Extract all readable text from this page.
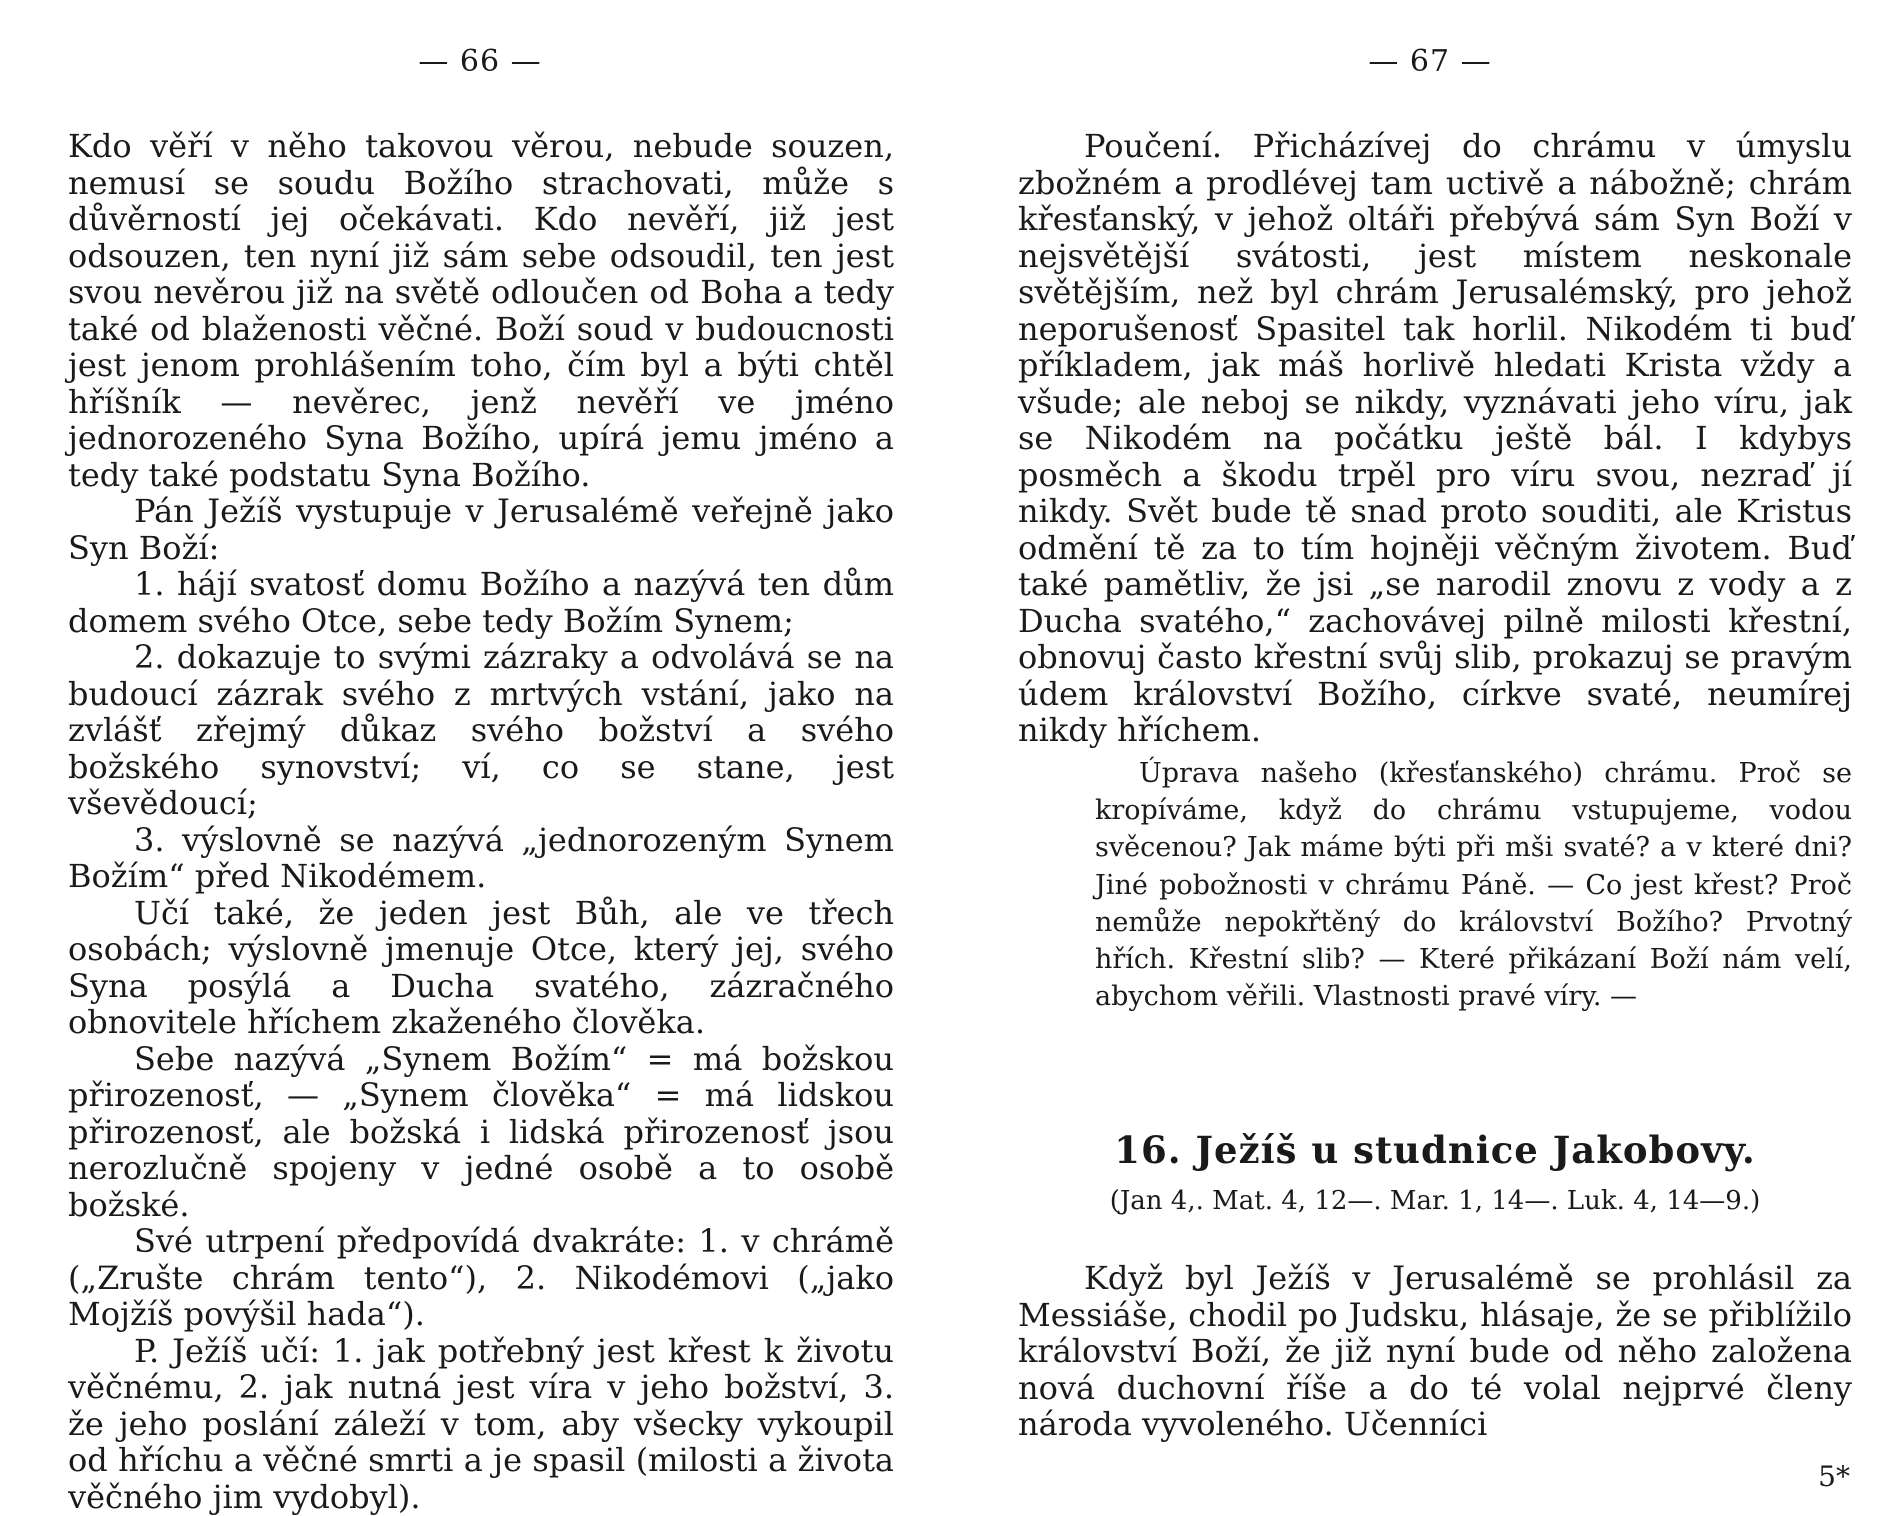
— 66 —

Kdo věří v něho takovou věrou, nebude souzen, nemusí se soudu Božího strachovati, může s důvěrností jej očekávati. Kdo nevěří, již jest odsouzen, ten nyní již sám sebe odsoudil, ten jest svou nevěrou již na světě odloučen od Boha a tedy také od blaženosti věčné. Boží soud v budoucnosti jest jenom prohlášením toho, čím byl a býti chtěl hříšník — nevěrec, jenž nevěří ve jméno jednorozeného Syna Božího, upírá jemu jméno a tedy také podstatu Syna Božího.

Pán Ježíš vystupuje v Jerusalémě veřejně jako Syn Boží:

1. hájí svatosť domu Božího a nazývá ten dům domem svého Otce, sebe tedy Božím Synem;

2. dokazuje to svými zázraky a odvolává se na budoucí zázrak svého z mrtvých vstání, jako na zvlášť zřejmý důkaz svého božství a svého božského synovství; ví, co se stane, jest vševědoucí;

3. výslovně se nazývá „jednorozeným Synem Božím“ před Nikodémem.

Učí také, že jeden jest Bůh, ale ve třech osobách; výslovně jmenuje Otce, který jej, svého Syna posýlá a Ducha svatého, zázračného obnovitele hříchem zkaženého člověka.

Sebe nazývá „Synem Božím“ = má božskou přirozenosť, — „Synem člověka“ = má lidskou přirozenosť, ale božská i lidská přirozenosť jsou nerozlučně spojeny v jedné osobě a to osobě božské.

Své utrpení předpovídá dvakráte: 1. v chrámě („Zrušte chrám tento“), 2. Nikodémovi („jako Mojžíš povýšil hada“).

P. Ježíš učí: 1. jak potřebný jest křest k životu věčnému, 2. jak nutná jest víra v jeho božství, 3. že jeho poslání záleží v tom, aby všecky vykoupil od hříchu a věčné smrti a je spasil (milosti a života věčného jim vydobyl).

— 67 —

Poučení. Přicházívej do chrámu v úmyslu zbožném a prodlévej tam uctivě a nábožně; chrám křesťanský, v jehož oltáři přebývá sám Syn Boží v nejsvětější svátosti, jest místem neskonale světějším, než byl chrám Jerusalémský, pro jehož neporušenosť Spasitel tak horlil. Nikodém ti buď příkladem, jak máš horlivě hledati Krista vždy a všude; ale neboj se nikdy, vyznávati jeho víru, jak se Nikodém na počátku ještě bál. I kdybys posměch a škodu trpěl pro víru svou, nezraď jí nikdy. Svět bude tě snad proto souditi, ale Kristus odmění tě za to tím hojněji věčným životem. Buď také pamětliv, že jsi „se narodil znovu z vody a z Ducha svatého,“ zachovávej pilně milosti křestní, obnovuj často křestní svůj slib, prokazuj se pravým údem království Božího, církve svaté, neumírej nikdy hříchem.

Úprava našeho (křesťanského) chrámu. Proč se kropíváme, když do chrámu vstupujeme, vodou svěcenou? Jak máme býti při mši svaté? a v které dni? Jiné pobožnosti v chrámu Páně. — Co jest křest? Proč nemůže nepokřtěný do království Božího? Prvotný hřích. Křestní slib? — Které přikázaní Boží nám velí, abychom věřili. Vlastnosti pravé víry. —
16. Ježíš u studnice Jakobovy.
(Jan 4,. Mat. 4, 12—. Mar. 1, 14—. Luk. 4, 14—9.)

Když byl Ježíš v Jerusalémě se prohlásil za Messiáše, chodil po Judsku, hlásaje, že se přiblížilo království Boží, že již nyní bude od něho založena nová duchovní říše a do té volal nejprvé členy národa vyvoleného. Učenníci

5*
